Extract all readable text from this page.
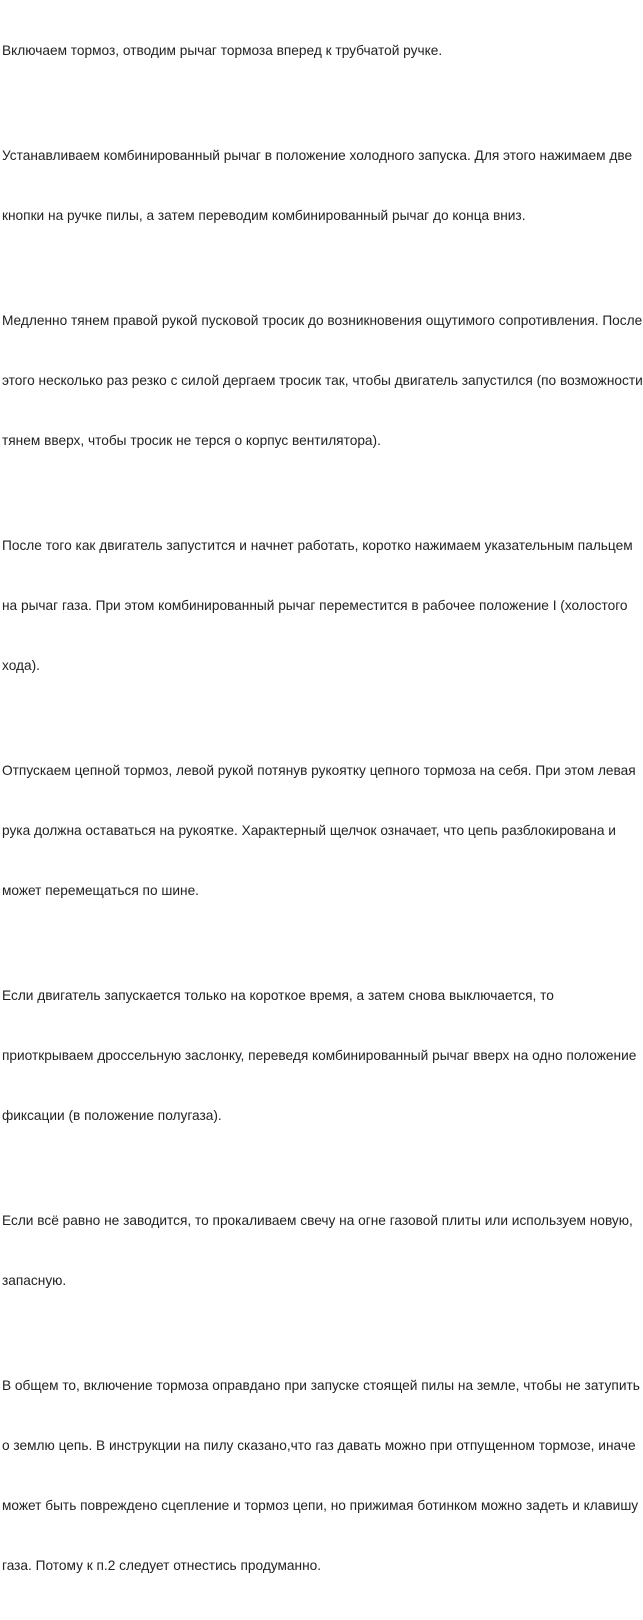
Включаем тормоз, отводим рычаг тормоза вперед к трубчатой ручке.

Устанавливаем комбинированный рычаг в положение холодного запуска. Для этого нажимаем две

кнопки на ручке пилы, а затем переводим комбинированный рычаг до конца вниз.

Медленно тянем правой рукой пусковой тросик до возникновения ощутимого сопротивления. После

этого несколько раз резко с силой дергаем тросик так, чтобы двигатель запустился (по возможности

тянем вверх, чтобы тросик не терся о корпус вентилятора).

После того как двигатель запустится и начнет работать, коротко нажимаем указательным пальцем

на рычаг газа. При этом комбинированный рычаг переместится в рабочее положение I (холостого

хода).

Отпускаем цепной тормоз, левой рукой потянув рукоятку цепного тормоза на себя. При этом левая

рука должна оставаться на рукоятке. Характерный щелчок означает, что цепь разблокирована и

может перемещаться по шине.

Если двигатель запускается только на короткое время, а затем снова выключается, то

приоткрываем дроссельную заслонку, переведя комбинированный рычаг вверх на одно положение

фиксации (в положение полугаза).

Если всё равно не заводится, то прокаливаем свечу на огне газовой плиты или используем новую,

запасную.

В общем то, включение тормоза оправдано при запуске стоящей пилы на земле, чтобы не затупить

о землю цепь. В инструкции на пилу сказано,что газ давать можно при отпущенном тормозе, иначе

может быть повреждено сцепление и тормоз цепи, но прижимая ботинком можно задеть и клавишу

газа. Потому к п.2 следует отнестись продуманно.
